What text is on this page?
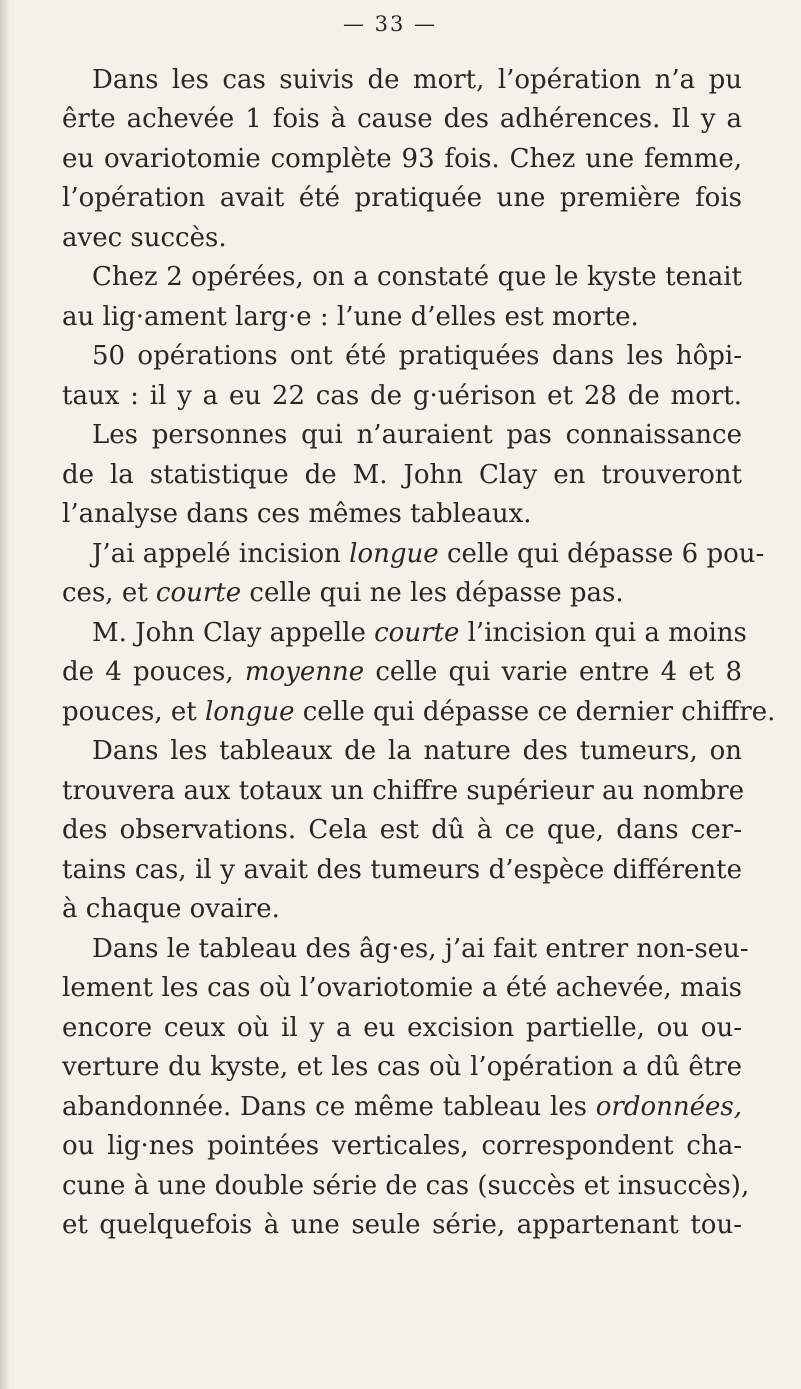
— 33 —
Dans les cas suivis de mort, l’opération n’a pu
êrte achevée 1 fois à cause des adhérences. Il y a
eu ovariotomie complète 93 fois. Chez une femme,
l’opération avait été pratiquée une première fois
avec succès.
Chez 2 opérées, on a constaté que le kyste tenait
au lig·ament larg·e : l’une d’elles est morte.
50 opérations ont été pratiquées dans les hôpi-
taux : il y a eu 22 cas de g·uérison et 28 de mort.
Les personnes qui n’auraient pas connaissance
de la statistique de M. John Clay en trouveront
l’analyse dans ces mêmes tableaux.
J’ai appelé incision longue celle qui dépasse 6 pou-
ces, et courte celle qui ne les dépasse pas.
M. John Clay appelle courte l’incision qui a moins
de 4 pouces, moyenne celle qui varie entre 4 et 8
pouces, et longue celle qui dépasse ce dernier chiffre.
Dans les tableaux de la nature des tumeurs, on
trouvera aux totaux un chiffre supérieur au nombre
des observations. Cela est dû à ce que, dans cer-
tains cas, il y avait des tumeurs d’espèce différente
à chaque ovaire.
Dans le tableau des âg·es, j’ai fait entrer non-seu-
lement les cas où l’ovariotomie a été achevée, mais
encore ceux où il y a eu excision partielle, ou ou-
verture du kyste, et les cas où l’opération a dû être
abandonnée. Dans ce même tableau les ordonnées,
ou lig·nes pointées verticales, correspondent cha-
cune à une double série de cas (succès et insuccès),
et quelquefois à une seule série, appartenant tou-
